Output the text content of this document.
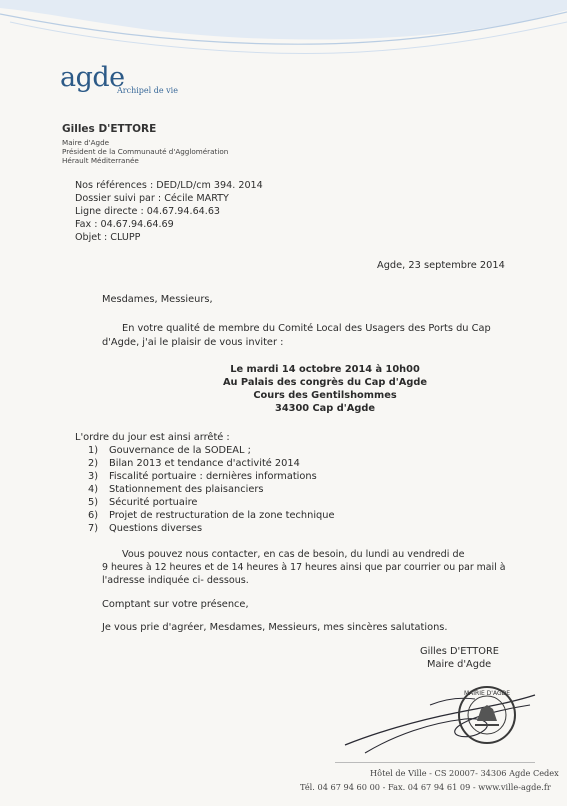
agde
Archipel de vie
Gilles D'ETTORE
Maire d'Agde
Président de la Communauté d'Agglomération
Hérault Méditerranée
Nos références : DED/LD/cm 394. 2014
Dossier suivi par : Cécile MARTY
Ligne directe : 04.67.94.64.63
Fax : 04.67.94.64.69
Objet : CLUPP
Agde, 23 septembre 2014
Mesdames, Messieurs,
En votre qualité de membre du Comité Local des Usagers des Ports du Cap
d'Agde, j'ai le plaisir de vous inviter :
Le mardi 14 octobre 2014 à 10h00
Au Palais des congrès du Cap d'Agde
Cours des Gentilshommes
34300 Cap d'Agde
L'ordre du jour est ainsi arrêté :
1) Gouvernance de la SODEAL ;
2) Bilan 2013 et tendance d'activité 2014
3) Fiscalité portuaire : dernières informations
4) Stationnement des plaisanciers
5) Sécurité portuaire
6) Projet de restructuration de la zone technique
7) Questions diverses
Vous pouvez nous contacter, en cas de besoin, du lundi au vendredi de
9 heures à 12 heures et de 14 heures à 17 heures ainsi que par courrier ou par mail à
l'adresse indiquée ci- dessous.
Comptant sur votre présence,
Je vous prie d'agréer, Mesdames, Messieurs, mes sincères salutations.
Gilles D'ETTORE
Maire d'Agde
MAIRIE D'AGDE
Hôtel de Ville - CS 20007- 34306 Agde Cedex
Tél. 04 67 94 60 00 - Fax. 04 67 94 61 09 - www.ville-agde.fr
